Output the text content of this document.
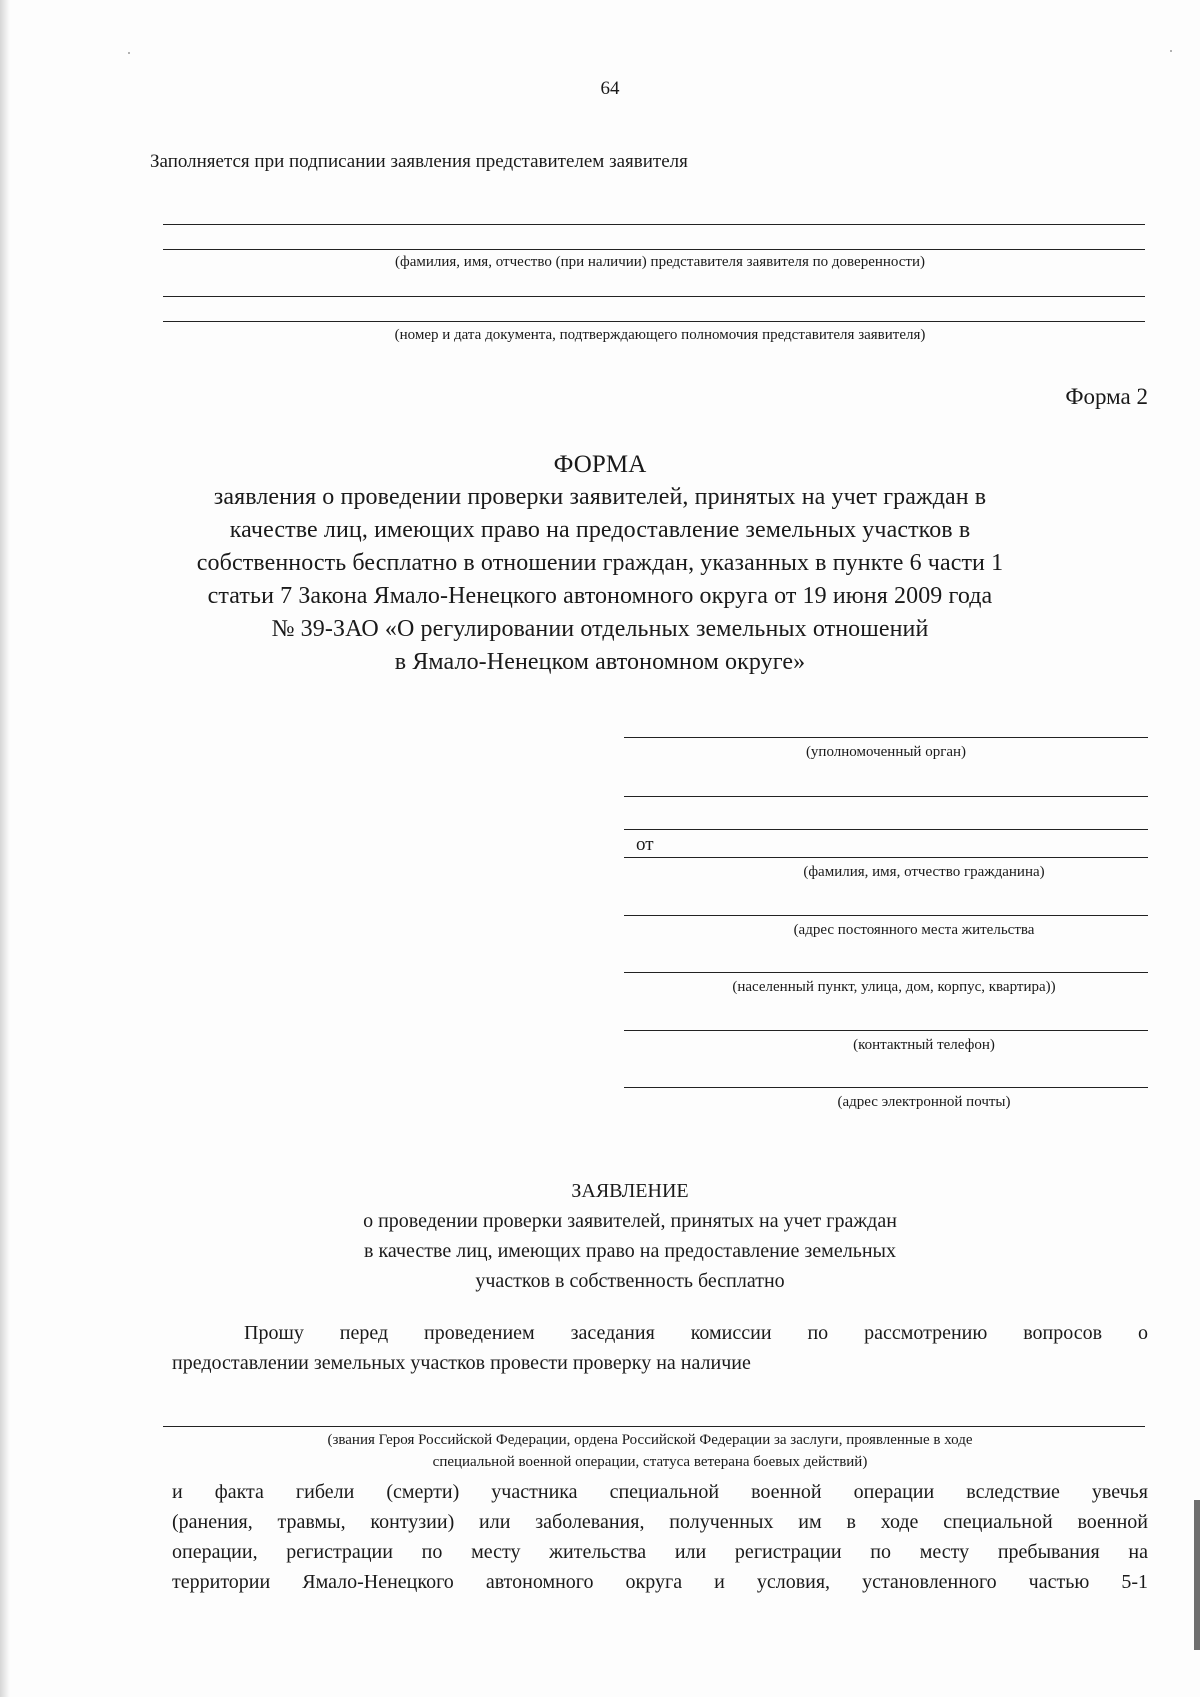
64
Заполняется при подписании заявления представителем заявителя
(фамилия, имя, отчество (при наличии) представителя заявителя по доверенности)
(номер и дата документа, подтверждающего полномочия представителя заявителя)
Форма 2
ФОРМА
заявления о проведении проверки заявителей, принятых на учет граждан в
качестве лиц, имеющих право на предоставление земельных участков в
собственность бесплатно в отношении граждан, указанных в пункте 6 части 1
статьи 7 Закона Ямало-Ненецкого автономного округа от 19 июня 2009 года
№ 39-ЗАО «О регулировании отдельных земельных отношений
в Ямало-Ненецком автономном округе»
(уполномоченный орган)
от
(фамилия, имя, отчество гражданина)
(адрес постоянного места жительства
(населенный пункт, улица, дом, корпус, квартира))
(контактный телефон)
(адрес электронной почты)
ЗАЯВЛЕНИЕ
о проведении проверки заявителей, принятых на учет граждан
в качестве лиц, имеющих право на предоставление земельных
участков в собственность бесплатно
Прошу перед проведением заседания комиссии по рассмотрению вопросов о
предоставлении земельных участков провести проверку на наличие
(звания Героя Российской Федерации, ордена Российской Федерации за заслуги, проявленные в ходе
специальной военной операции, статуса ветерана боевых действий)
и факта гибели (смерти) участника специальной военной операции вследствие увечья
(ранения, травмы, контузии) или заболевания, полученных им в ходе специальной военной
операции, регистрации по месту жительства или регистрации по месту пребывания на
территории Ямало-Ненецкого автономного округа и условия, установленного частью 5-1
